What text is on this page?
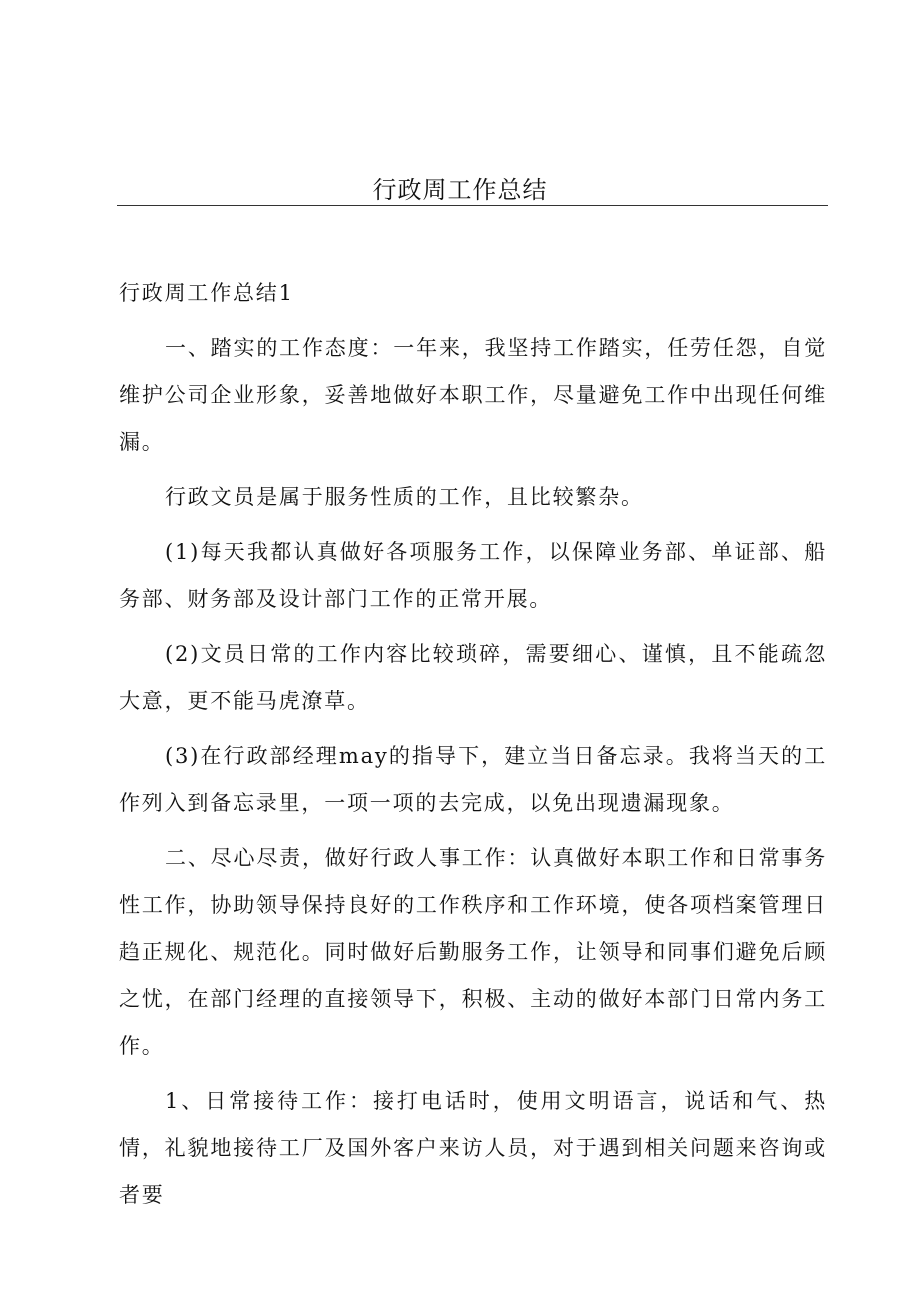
行政周工作总结

行政周工作总结1

一、踏实的工作态度：一年来，我坚持工作踏实，任劳任怨，自觉维护公司企业形象，妥善地做好本职工作，尽量避免工作中出现任何维漏。

行政文员是属于服务性质的工作，且比较繁杂。

(1)每天我都认真做好各项服务工作，以保障业务部、单证部、船务部、财务部及设计部门工作的正常开展。

(2)文员日常的工作内容比较琐碎，需要细心、谨慎，且不能疏忽大意，更不能马虎潦草。

(3)在行政部经理may的指导下，建立当日备忘录。我将当天的工作列入到备忘录里，一项一项的去完成，以免出现遗漏现象。

二、尽心尽责，做好行政人事工作：认真做好本职工作和日常事务性工作，协助领导保持良好的工作秩序和工作环境，使各项档案管理日趋正规化、规范化。同时做好后勤服务工作，让领导和同事们避免后顾之忧，在部门经理的直接领导下，积极、主动的做好本部门日常内务工作。

1、日常接待工作：接打电话时，使用文明语言，说话和气、热情，礼貌地接待工厂及国外客户来访人员，对于遇到相关问题来咨询或者要
